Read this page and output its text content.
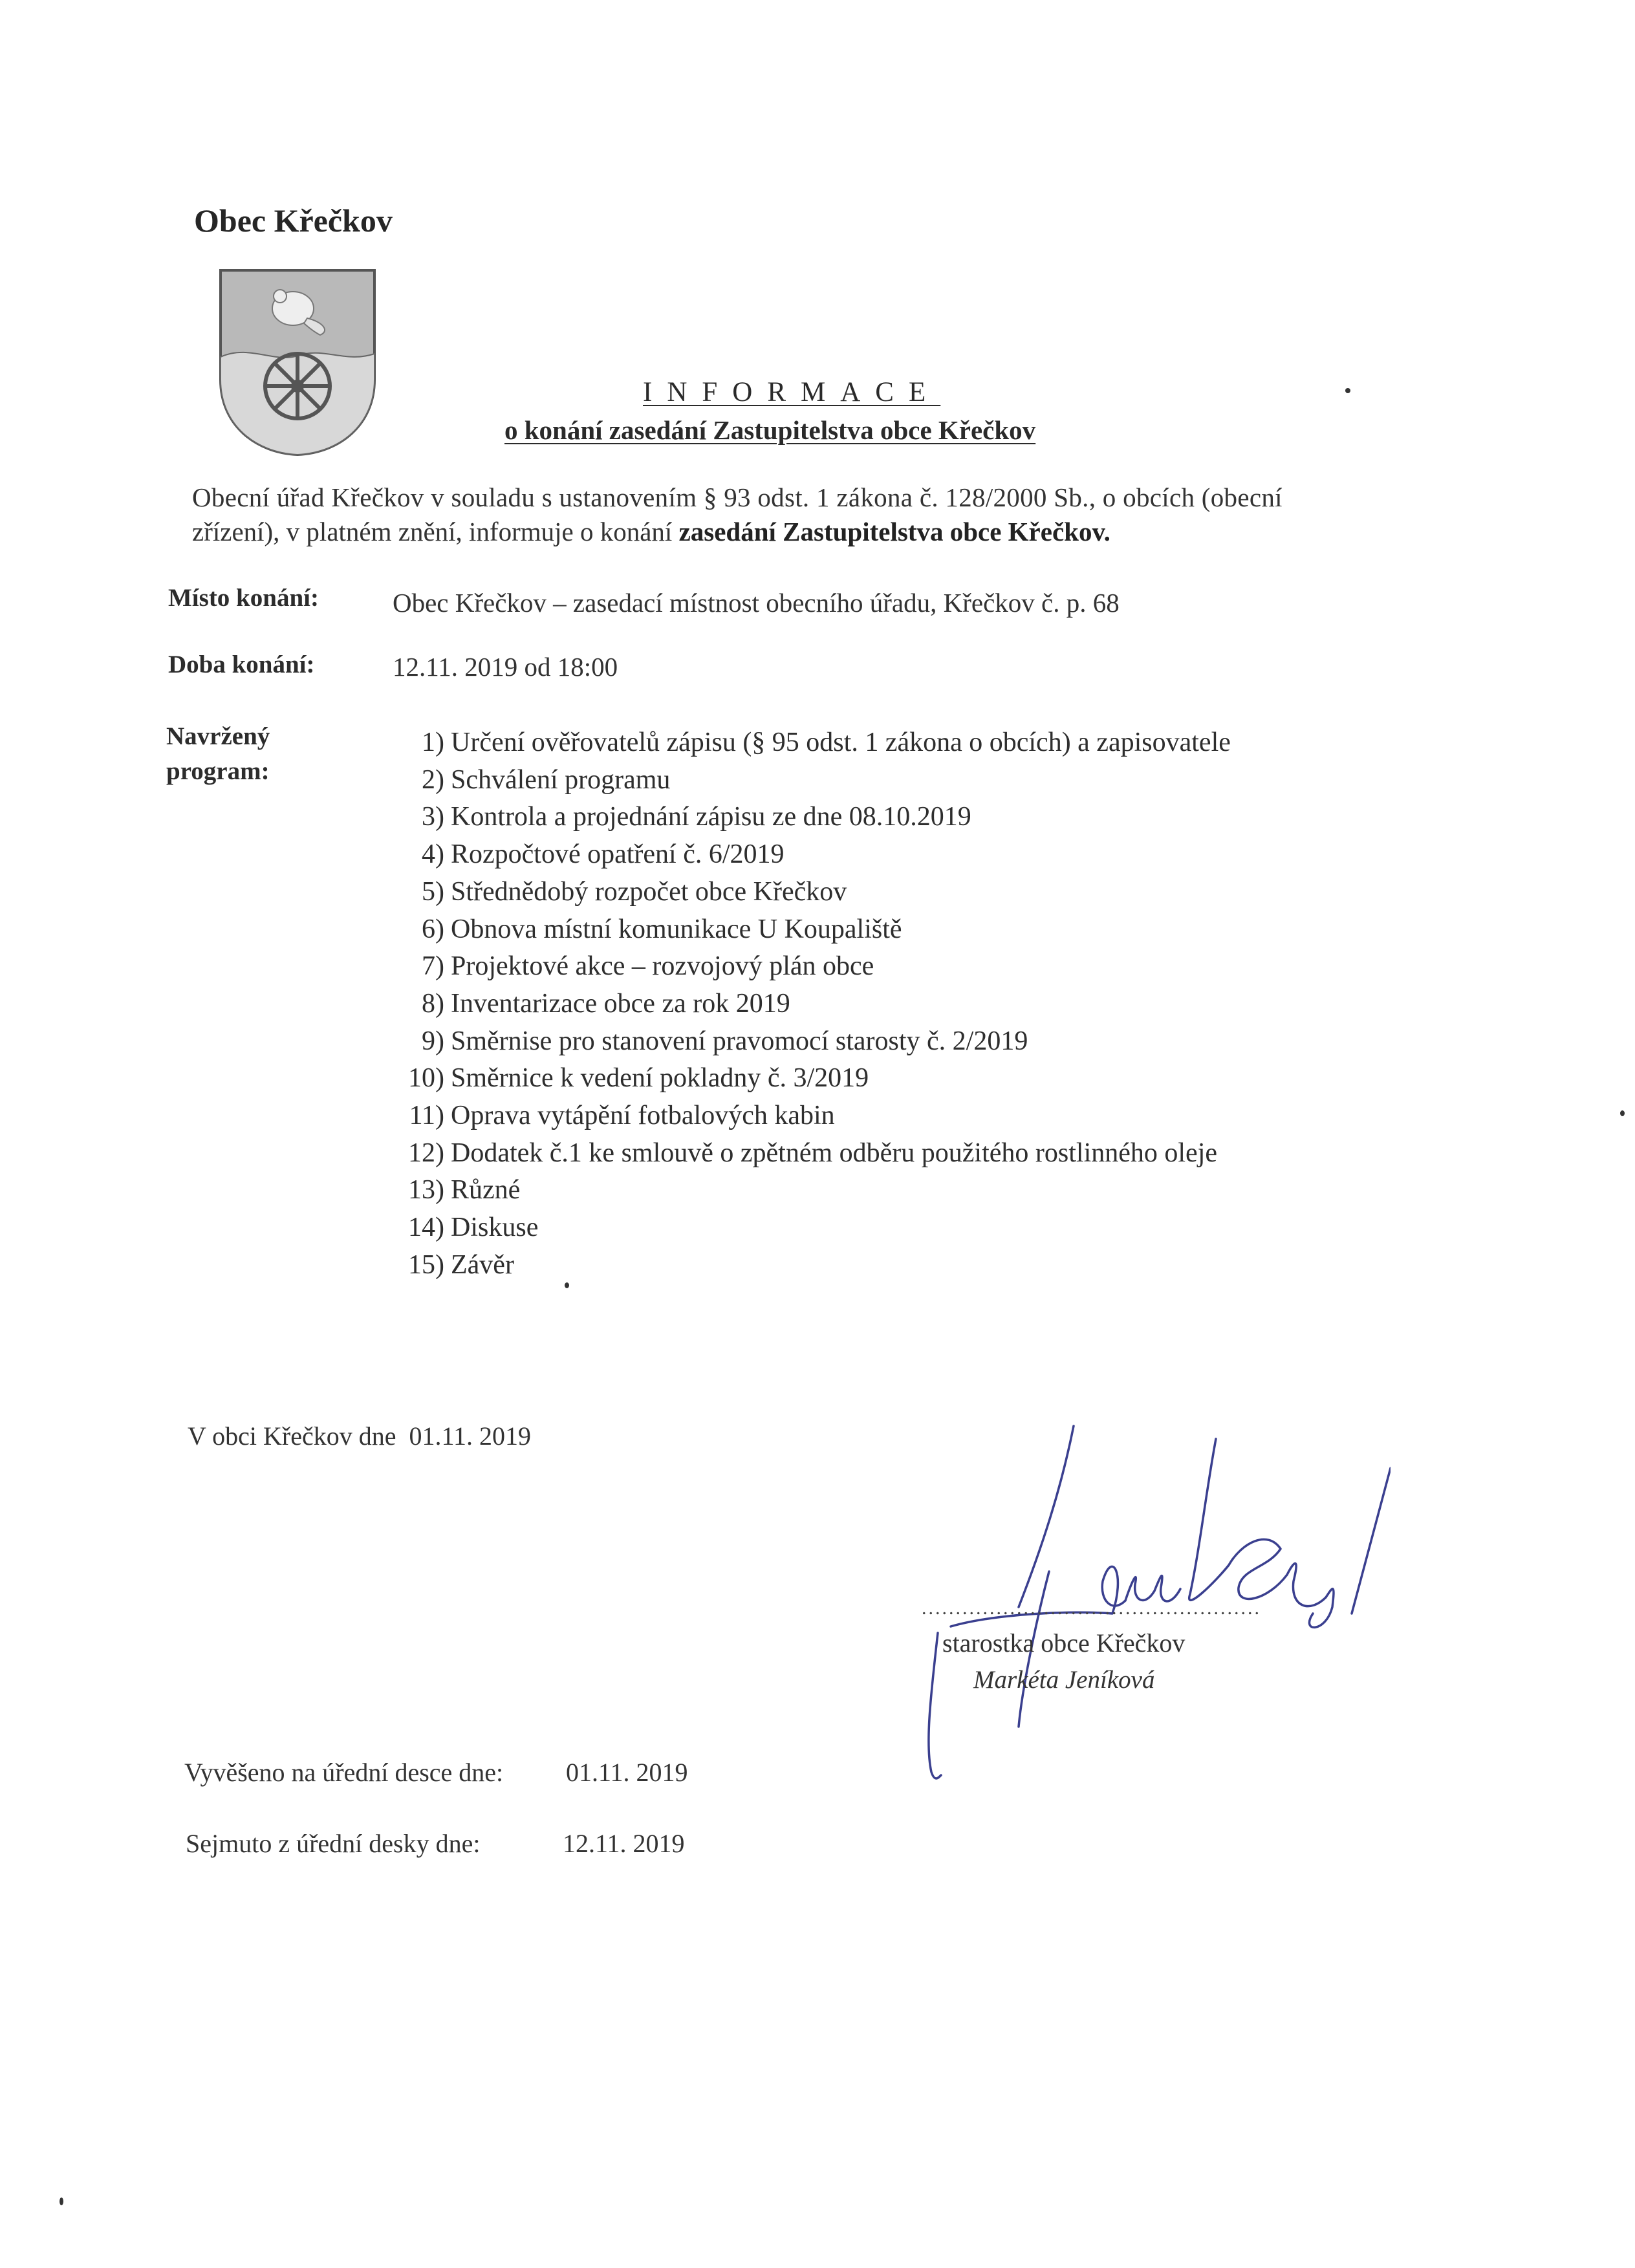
Obec Křečkov
INFORMACE
o konání zasedání Zastupitelstva obce Křečkov
Obecní úřad Křečkov v souladu s ustanovením § 93 odst. 1 zákona č. 128/2000 Sb., o obcích (obecní
zřízení), v platném znění, informuje o konání zasedání Zastupitelstva obce Křečkov.
Místo konání:	Obec Křečkov – zasedací místnost obecního úřadu, Křečkov č. p. 68
Doba konání:	12.11. 2019 od 18:00
Navržený program:
1) Určení ověřovatelů zápisu (§ 95 odst. 1 zákona o obcích) a zapisovatele
2) Schválení programu
3) Kontrola a projednání zápisu ze dne 08.10.2019
4) Rozpočtové opatření č. 6/2019
5) Střednědobý rozpočet obce Křečkov
6) Obnova místní komunikace U Koupaliště
7) Projektové akce – rozvojový plán obce
8) Inventarizace obce za rok 2019
9) Směrnise pro stanovení pravomocí starosty č. 2/2019
10) Směrnice k vedení pokladny č. 3/2019
11) Oprava vytápění fotbalových kabin
12) Dodatek č.1 ke smlouvě o zpětném odběru použitého rostlinného oleje
13) Různé
14) Diskuse
15) Závěr
V obci Křečkov dne 01.11. 2019
..................................................
starostka obce Křečkov
Markéta Jeníková
Vyvěšeno na úřední desce dne: 01.11. 2019
Sejmuto z úřední desky dne:	12.11. 2019
